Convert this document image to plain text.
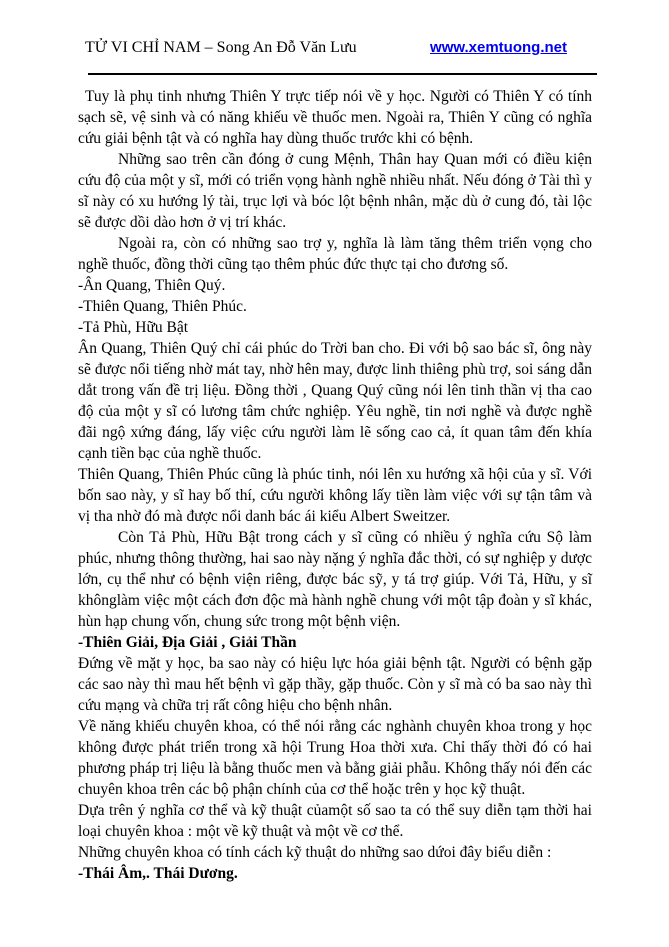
TỬ VI CHỈ NAM – Song An Đỗ Văn Lưu	www.xemtuong.net

Tuy là phụ tinh nhưng Thiên Y trực tiếp nói về y học. Người có Thiên Y có tính sạch sẽ, vệ sinh và có năng khiếu về thuốc men. Ngoài ra, Thiên Y cũng có nghĩa cứu giải bệnh tật và có nghĩa hay dùng thuốc trước khi có bệnh.

Những sao trên cần đóng ở cung Mệnh, Thân hay Quan mới có điều kiện cứu độ của một y sĩ, mới có triển vọng hành nghề nhiều nhất. Nếu đóng ở Tài thì y sĩ này có xu hướng lý tài, trục lợi và bóc lột bệnh nhân, mặc dù ở cung đó, tài lộc sẽ được dồi dào hơn ở vị trí khác.

Ngoài ra, còn có những sao trợ y, nghĩa là làm tăng thêm triển vọng cho nghề thuốc, đồng thời cũng tạo thêm phúc đức thực tại cho đương số.

-Ân Quang, Thiên Quý.

-Thiên Quang, Thiên Phúc.

-Tả Phù, Hữu Bật

Ân Quang, Thiên Quý chỉ cái phúc do Trời ban cho. Đi với bộ sao bác sĩ, ông này sẽ được nổi tiếng nhờ mát tay, nhờ hên may, được linh thiêng phù trợ, soi sáng dẫn dắt trong vấn đề trị liệu. Đồng thời , Quang Quý cũng nói lên tinh thần vị tha cao độ của một y sĩ có lương tâm chức nghiệp. Yêu nghề, tin nơi nghề và được nghề đãi ngộ xứng đáng, lấy việc cứu người làm lẽ sống cao cả, ít quan tâm đến khía cạnh tiền bạc của nghề thuốc.

Thiên Quang, Thiên Phúc cũng là phúc tinh, nói lên xu hướng xã hội của y sĩ. Với bốn sao này, y sĩ hay bố thí, cứu người không lấy tiền làm việc với sự tận tâm và vị tha nhờ đó mà được nổi danh bác ái kiểu Albert Sweitzer.

Còn Tả Phù, Hữu Bật trong cách y sĩ cũng có nhiều ý nghĩa cứu Sộ làm phúc, nhưng thông thường, hai sao này nặng ý nghĩa đắc thời, có sự nghiệp y dược lớn, cụ thể như có bệnh viện riêng, được bác sỹ, y tá trợ giúp. Với Tả, Hữu, y sĩ khônglàm việc một cách đơn độc mà hành nghề chung với một tập đoàn y sĩ khác, hùn hạp chung vốn, chung sức trong một bệnh viện.

-Thiên Giải, Địa Giải , Giải Thần

Đứng về mặt y học, ba sao này có hiệu lực hóa giải bệnh tật. Người có bệnh gặp các sao này thì mau hết bệnh vì gặp thầy, gặp thuốc. Còn y sĩ mà có ba sao này thì cứu mạng và chữa trị rất công hiệu cho bệnh nhân.

Về năng khiếu chuyên khoa, có thể nói rằng các nghành chuyên khoa trong y học không được phát triển trong xã hội Trung Hoa thời xưa. Chỉ thấy thời đó có hai phương pháp trị liệu là bằng thuốc men và bằng giải phẫu. Không thấy nói đến các chuyên khoa trên các bộ phận chính của cơ thể hoặc trên y học kỹ thuật.

Dựa trên ý nghĩa cơ thể và kỹ thuật củamột số sao ta có thể suy diễn tạm thời hai loại chuyên khoa : một về kỹ thuật và một về cơ thể.

Những chuyên khoa có tính cách kỹ thuật do những sao dứoi đây biểu diễn :

-Thái Âm,. Thái Dương.
